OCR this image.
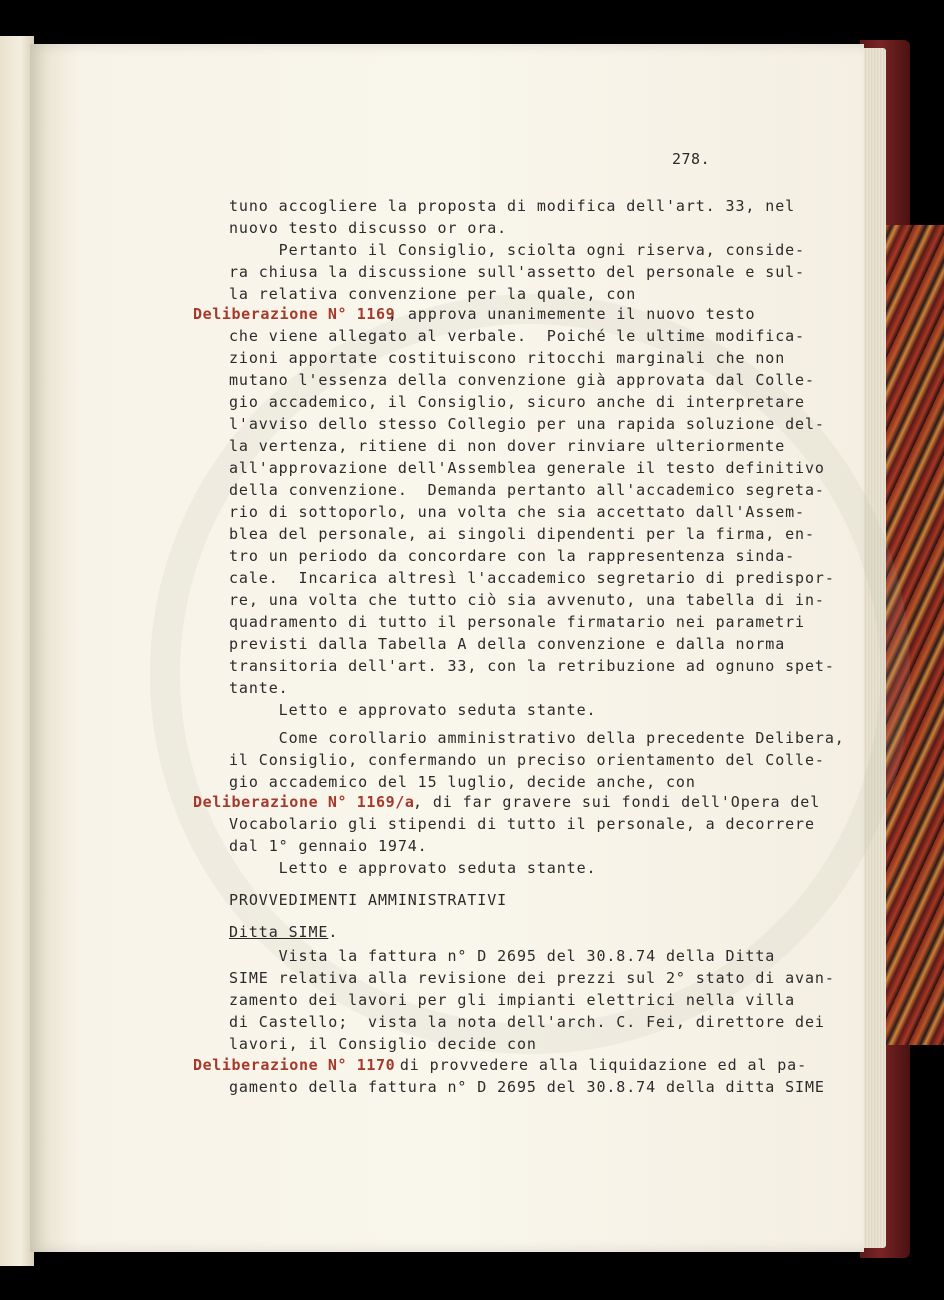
278.
tuno accogliere la proposta di modifica dell'art. 33, nel
nuovo testo discusso or ora.
Pertanto il Consiglio, sciolta ogni riserva, conside-
ra chiusa la discussione sull'assetto del personale e sul-
la relativa convenzione per la quale, con
Deliberazione N° 1169
, approva unanimemente il nuovo testo
che viene allegato al verbale.  Poiché le ultime modifica-
zioni apportate costituiscono ritocchi marginali che non
mutano l'essenza della convenzione già approvata dal Colle-
gio accademico, il Consiglio, sicuro anche di interpretare
l'avviso dello stesso Collegio per una rapida soluzione del-
la vertenza, ritiene di non dover rinviare ulteriormente
all'approvazione dell'Assemblea generale il testo definitivo
della convenzione.  Demanda pertanto all'accademico segreta-
rio di sottoporlo, una volta che sia accettato dall'Assem-
blea del personale, ai singoli dipendenti per la firma, en-
tro un periodo da concordare con la rappresentenza sinda-
cale.  Incarica altresì l'accademico segretario di predispor-
re, una volta che tutto ciò sia avvenuto, una tabella di in-
quadramento di tutto il personale firmatario nei parametri
previsti dalla Tabella A della convenzione e dalla norma
transitoria dell'art. 33, con la retribuzione ad ognuno spet-
tante.
Letto e approvato seduta stante.
Come corollario amministrativo della precedente Delibera,
il Consiglio, confermando un preciso orientamento del Colle-
gio accademico del 15 luglio, decide anche, con
Deliberazione N° 1169/a
, di far gravere sui fondi dell'Opera del
Vocabolario gli stipendi di tutto il personale, a decorrere
dal 1° gennaio 1974.
Letto e approvato seduta stante.
PROVVEDIMENTI AMMINISTRATIVI
Ditta SIME.
Vista la fattura n° D 2695 del 30.8.74 della Ditta
SIME relativa alla revisione dei prezzi sul 2° stato di avan-
zamento dei lavori per gli impianti elettrici nella villa
di Castello;  vista la nota dell'arch. C. Fei, direttore dei
lavori, il Consiglio decide con
Deliberazione N° 1170
di provvedere alla liquidazione ed al pa-
gamento della fattura n° D 2695 del 30.8.74 della ditta SIME
